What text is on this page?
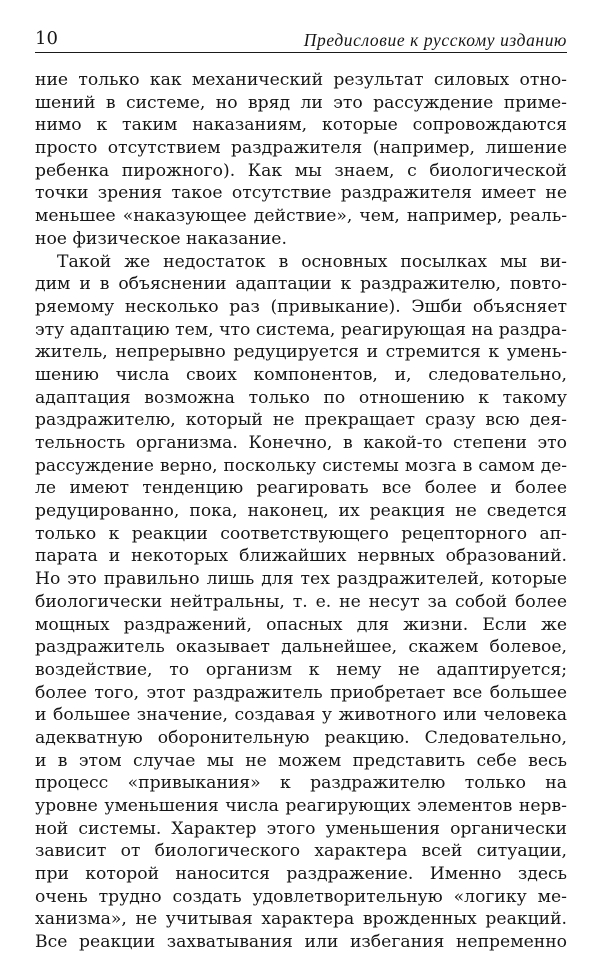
10	Предисловие к русскому изданию
ние только как механический результат силовых отно-
шений в системе, но вряд ли это рассуждение приме-
нимо к таким наказаниям, которые сопровождаются
просто отсутствием раздражителя (например, лишение
ребенка пирожного). Как мы знаем, с биологической
точки зрения такое отсутствие раздражителя имеет не
меньшее «наказующее действие», чем, например, реаль-
ное физическое наказание.
Такой же недостаток в основных посылках мы ви-
дим и в объяснении адаптации к раздражителю, повто-
ряемому несколько раз (привыкание). Эшби объясняет
эту адаптацию тем, что система, реагирующая на раздра-
житель, непрерывно редуцируется и стремится к умень-
шению числа своих компонентов, и, следовательно,
адаптация возможна только по отношению к такому
раздражителю, который не прекращает сразу всю дея-
тельность организма. Конечно, в какой-то степени это
рассуждение верно, поскольку системы мозга в самом де-
ле имеют тенденцию реагировать все более и более
редуцированно, пока, наконец, их реакция не сведется
только к реакции соответствующего рецепторного ап-
парата и некоторых ближайших нервных образований.
Но это правильно лишь для тех раздражителей, которые
биологически нейтральны, т. е. не несут за собой более
мощных раздражений, опасных для жизни. Если же
раздражитель оказывает дальнейшее, скажем болевое,
воздействие, то организм к нему не адаптируется;
более того, этот раздражитель приобретает все большее
и большее значение, создавая у животного или человека
адекватную оборонительную реакцию. Следовательно,
и в этом случае мы не можем представить себе весь
процесс «привыкания» к раздражителю только на
уровне уменьшения числа реагирующих элементов нерв-
ной системы. Характер этого уменьшения органически
зависит от биологического характера всей ситуации,
при которой наносится раздражение. Именно здесь
очень трудно создать удовлетворительную «логику ме-
ханизма», не учитывая характера врожденных реакций.
Все реакции захватывания или избегания непременно
